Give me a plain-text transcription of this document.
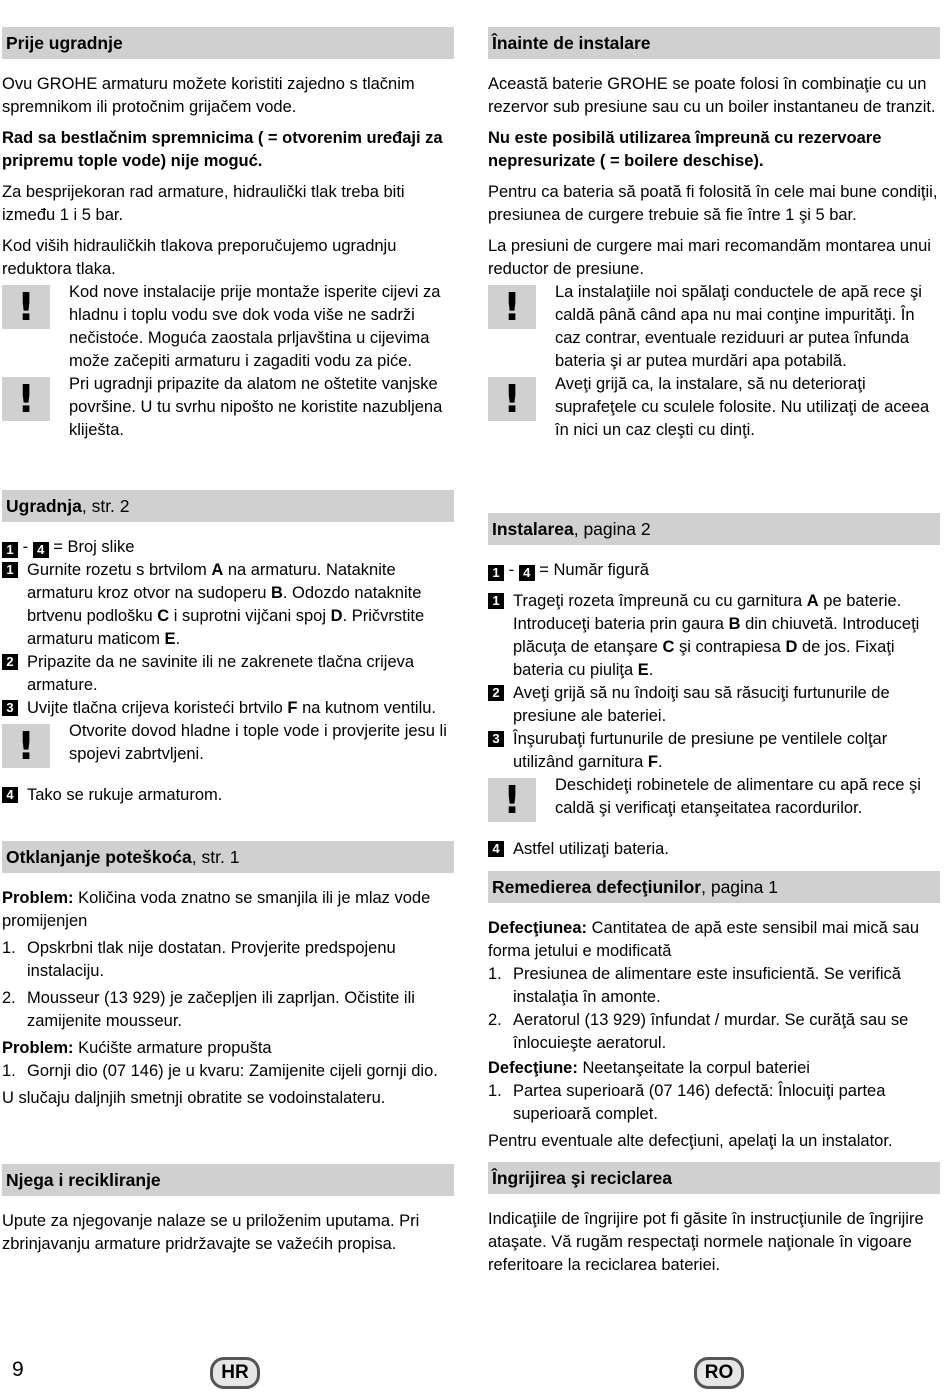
Prije ugradnje

Ovu GROHE armaturu možete koristiti zajedno s tlačnim spremnikom ili protočnim grijačem vode.

Rad sa bestlačnim spremnicima ( = otvorenim uređaji za pripremu tople vode) nije moguć.

Za besprijekoran rad armature, hidraulički tlak treba biti između 1 i 5 bar.

Kod viših hidrauličkih tlakova preporučujemo ugradnju reduktora tlaka.

!	Kod nove instalacije prije montaže isperite cijevi za hladnu i toplu vodu sve dok voda više ne sadrži nečistoće. Moguća zaostala prljavština u cijevima može začepiti armaturu i zagaditi vodu za piće.
!	Pri ugradnji pripazite da alatom ne oštetite vanjske površine. U tu svrhu nipošto ne koristite nazubljena kliješta.
Ugradnja, str. 2
1 - 4 = Broj slike
1 Gurnite rozetu s brtvilom A na armaturu. Nataknite armaturu kroz otvor na sudoperu B. Odozdo nataknite brtvenu podlošku C i suprotni vijčani spoj D. Pričvrstite armaturu maticom E.
2 Pripazite da ne savinite ili ne zakrenete tlačna crijeva armature.
3 Uvijte tlačna crijeva koristeći brtvilo F na kutnom ventilu.
!	Otvorite dovod hladne i tople vode i provjerite jesu li spojevi zabrtvljeni.
4 Tako se rukuje armaturom.
Otklanjanje poteškoća, str. 1
Problem: Količina voda znatno se smanjila ili je mlaz vode promijenjen
1. Opskrbni tlak nije dostatan. Provjerite predspojenu instalaciju.
2. Mousseur (13 929) je začepljen ili zaprljan. Očistite ili zamijenite mousseur.
Problem: Kućište armature propušta
1. Gornji dio (07 146) je u kvaru: Zamijenite cijeli gornji dio.
U slučaju daljnjih smetnji obratite se vodoinstalateru.
Njega i recikliranje
Upute za njegovanje nalaze se u priloženim uputama. Pri zbrinjavanju armature pridržavajte se važećih propisa.
Înainte de instalare

Această baterie GROHE se poate folosi în combinaţie cu un rezervor sub presiune sau cu un boiler instantaneu de tranzit.

Nu este posibilă utilizarea împreună cu rezervoare nepresurizate ( = boilere deschise).

Pentru ca bateria să poată fi folosită în cele mai bune condiţii, presiunea de curgere trebuie să fie între 1 şi 5 bar.

La presiuni de curgere mai mari recomandăm montarea unui reductor de presiune.

!	La instalaţiile noi spălaţi conductele de apă rece şi caldă până când apa nu mai conţine impurităţi. În caz contrar, eventuale reziduuri ar putea înfunda bateria şi ar putea murdări apa potabilă.
!	Aveţi grijă ca, la instalare, să nu deterioraţi suprafeţele cu sculele folosite. Nu utilizaţi de aceea în nici un caz cleşti cu dinţi.
Instalarea, pagina 2
1 - 4 = Număr figură
1 Trageţi rozeta împreună cu cu garnitura A pe baterie. Introduceţi bateria prin gaura B din chiuvetă. Introduceţi plăcuţa de etanşare C şi contrapiesa D de jos. Fixaţi bateria cu piuliţa E.
2 Aveţi grijă să nu îndoiţi sau să răsuciţi furtunurile de presiune ale bateriei.
3 Înşurubaţi furtunurile de presiune pe ventilele colţar utilizând garnitura F.
!	Deschideţi robinetele de alimentare cu apă rece şi caldă şi verificaţi etanşeitatea racordurilor.
4 Astfel utilizaţi bateria.
Remedierea defecţiunilor, pagina 1
Defecţiunea: Cantitatea de apă este sensibil mai mică sau forma jetului e modificată
1. Presiunea de alimentare este insuficientă. Se verifică instalaţia în amonte.
2. Aeratorul (13 929) înfundat / murdar. Se curăţă sau se înlocuieşte aeratorul.
Defecţiune: Neetanşeitate la corpul bateriei
1. Partea superioară (07 146) defectă: Înlocuiţi partea superioară complet.
Pentru eventuale alte defecţiuni, apelaţi la un instalator.
Îngrijirea şi reciclarea
Indicaţiile de îngrijire pot fi găsite în instrucţiunile de îngrijire ataşate. Vă rugăm respectaţi normele naţionale în vigoare referitoare la reciclarea bateriei.
9	HR	RO
